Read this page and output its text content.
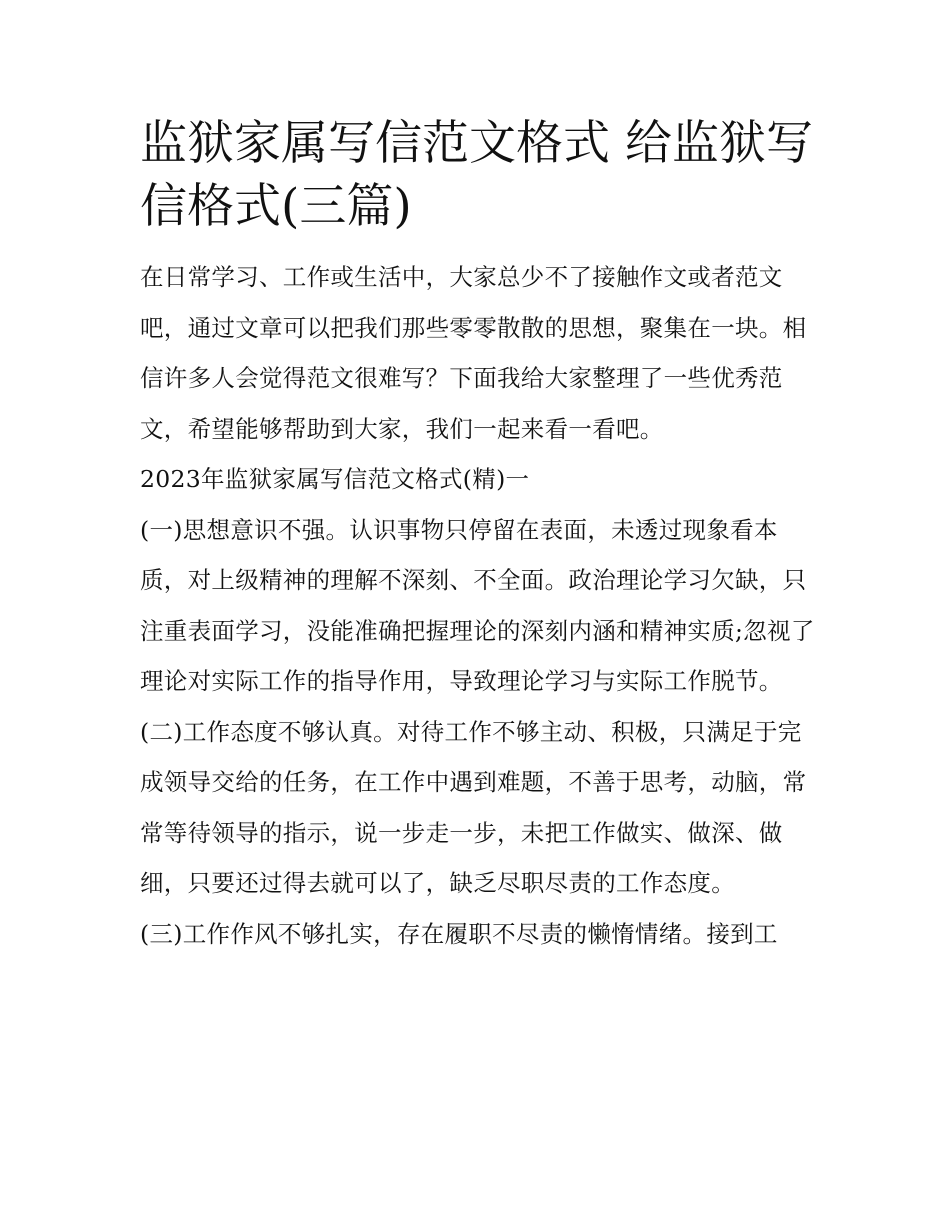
监狱家属写信范文格式 给监狱写信格式(三篇)

在日常学习、工作或生活中，大家总少不了接触作文或者范文吧，通过文章可以把我们那些零零散散的思想，聚集在一块。相信许多人会觉得范文很难写？下面我给大家整理了一些优秀范文，希望能够帮助到大家，我们一起来看一看吧。

2023年监狱家属写信范文格式(精)一

(一)思想意识不强。认识事物只停留在表面，未透过现象看本质，对上级精神的理解不深刻、不全面。政治理论学习欠缺，只注重表面学习，没能准确把握理论的深刻内涵和精神实质;忽视了理论对实际工作的指导作用，导致理论学习与实际工作脱节。

(二)工作态度不够认真。对待工作不够主动、积极，只满足于完成领导交给的任务，在工作中遇到难题，不善于思考，动脑，常常等待领导的指示，说一步走一步，未把工作做实、做深、做细，只要还过得去就可以了，缺乏尽职尽责的工作态度。

(三)工作作风不够扎实，存在履职不尽责的懒惰情绪。接到工
